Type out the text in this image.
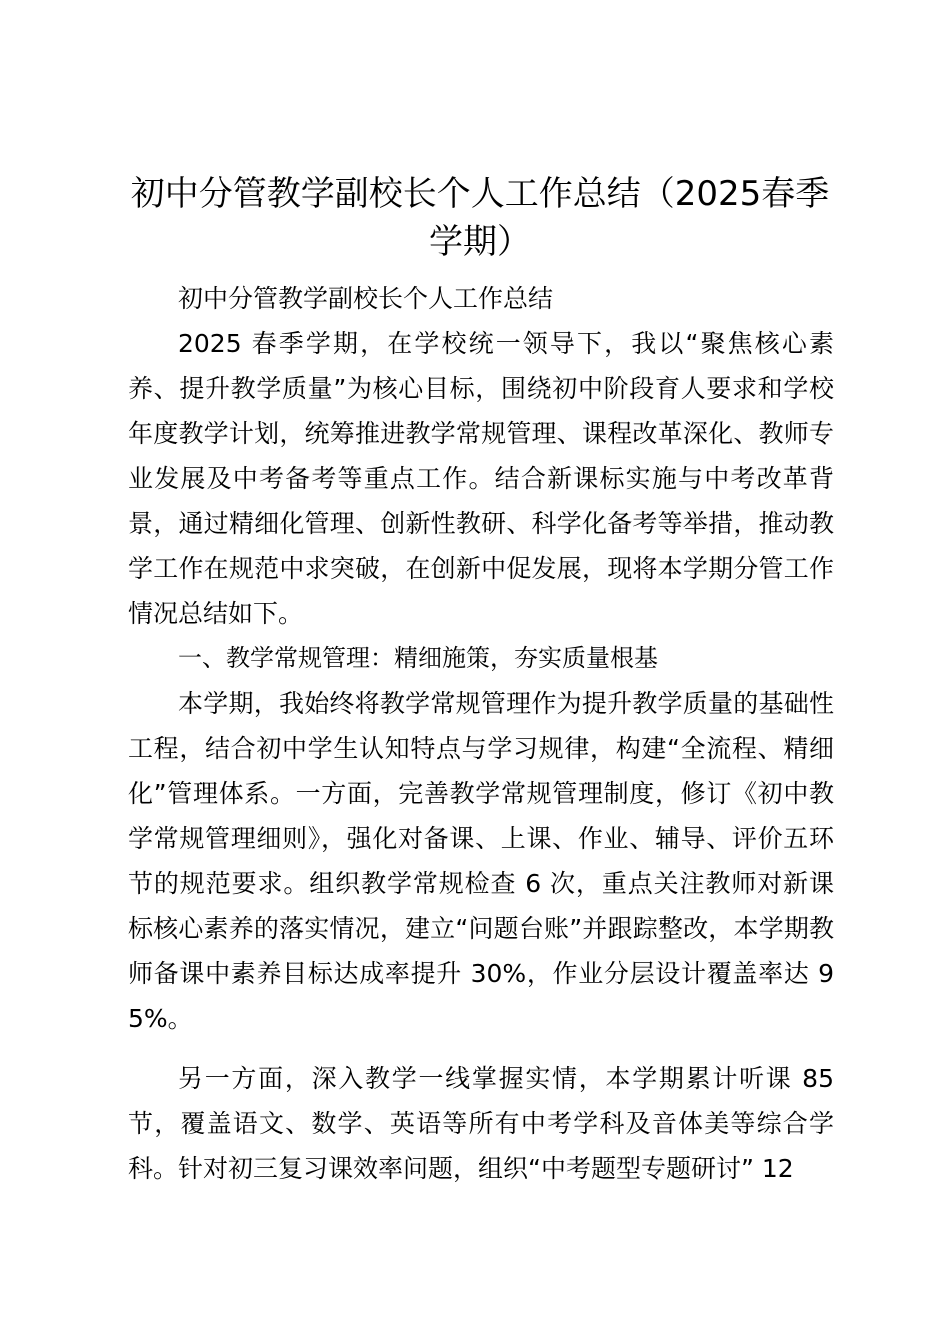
初中分管教学副校长个人工作总结（2025春季学期）

初中分管教学副校长个人工作总结

2025 春季学期，在学校统一领导下，我以“聚焦核心素养、提升教学质量”为核心目标，围绕初中阶段育人要求和学校年度教学计划，统筹推进教学常规管理、课程改革深化、教师专业发展及中考备考等重点工作。结合新课标实施与中考改革背景，通过精细化管理、创新性教研、科学化备考等举措，推动教学工作在规范中求突破，在创新中促发展，现将本学期分管工作情况总结如下。

一、教学常规管理：精细施策，夯实质量根基

本学期，我始终将教学常规管理作为提升教学质量的基础性工程，结合初中学生认知特点与学习规律，构建“全流程、精细化”管理体系。一方面，完善教学常规管理制度，修订《初中教学常规管理细则》，强化对备课、上课、作业、辅导、评价五环节的规范要求。组织教学常规检查 6 次，重点关注教师对新课标核心素养的落实情况，建立“问题台账”并跟踪整改，本学期教师备课中素养目标达成率提升 30%，作业分层设计覆盖率达 95%。

另一方面，深入教学一线掌握实情，本学期累计听课 85 节，覆盖语文、数学、英语等所有中考学科及音体美等综合学科。针对初三复习课效率问题，组织“中考题型专题研讨” 12
